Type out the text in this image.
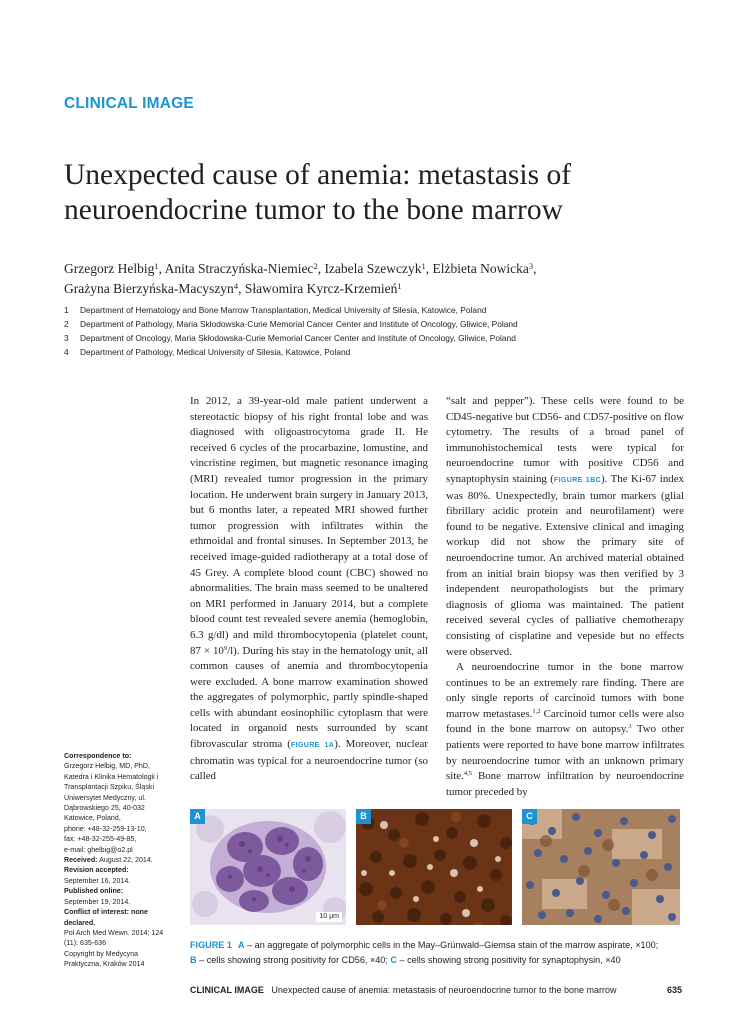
CLINICAL IMAGE
Unexpected cause of anemia: metastasis of neuroendocrine tumor to the bone marrow
Grzegorz Helbig$^1$, Anita Straczyńska-Niemiec$^2$, Izabela Szewczyk$^1$, Elżbieta Nowicka$^3$,
Grażyna Bierzyńska-Macyszyn$^4$, Sławomira Kyrcz-Krzemień$^1$
1	Department of Hematology and Bone Marrow Transplantation, Medical University of Silesia, Katowice, Poland
2	Department of Pathology, Maria Skłodowska-Curie Memorial Cancer Center and Institute of Oncology, Gliwice, Poland
3	Department of Oncology, Maria Skłodowska-Curie Memorial Cancer Center and Institute of Oncology, Gliwice, Poland
4	Department of Pathology, Medical University of Silesia, Katowice, Poland

In 2012, a 39-year-old male patient underwent a stereotactic biopsy of his right frontal lobe and was diagnosed with oligoastrocytoma grade II. He received 6 cycles of the procarbazine, lomustine, and vincristine regimen, but magnetic resonance imaging (MRI) revealed tumor progression in the primary location. He underwent brain surgery in January 2013, but 6 months later, a repeated MRI showed further tumor progression with infiltrates within the ethmoidal and frontal sinuses. In September 2013, he received image-guided radiotherapy at a total dose of 45 Grey. A complete blood count (CBC) showed no abnormalities. The brain mass seemed to be unaltered on MRI performed in January 2014, but a complete blood count test revealed severe anemia (hemoglobin, 6.3 g/dl) and mild thrombocytopenia (platelet count, $87 \times 10^9/l$). During his stay in the hematology unit, all common causes of anemia and thrombocytopenia were excluded. A bone marrow examination showed the aggregates of polymorphic, partly spindle-shaped cells with abundant eosinophilic cytoplasm that were located in organoid nests surrounded by scant fibrovascular stroma (FIGURE 1A). Moreover, nuclear chromatin was typical for a neuroendocrine tumor (so called

“salt and pepper”). These cells were found to be CD45-negative but CD56- and CD57-positive on flow cytometry. The results of a broad panel of immunohistochemical tests were typical for neuroendocrine tumor with positive CD56 and synaptophysin staining (FIGURE 1BC). The Ki-67 index was 80%. Unexpectedly, brain tumor markers (glial fibrillary acidic protein and neurofilament) were found to be negative. Extensive clinical and imaging workup did not show the primary site of neuroendocrine tumor. An archived material obtained from an initial brain biopsy was then verified by 3 independent neuropathologists but the primary diagnosis of glioma was maintained. The patient received several cycles of palliative chemotherapy consisting of cisplatine and vepeside but no effects were observed.

A neuroendocrine tumor in the bone marrow continues to be an extremely rare finding. There are only single reports of carcinoid tumors with bone marrow metastases.$^{1,2}$ Carcinoid tumor cells were also found in the bone marrow on autopsy.$^3$ Two other patients were reported to have bone marrow infiltrates by neuroendocrine tumor with an unknown primary site.$^{4,5}$ Bone marrow infiltration by neuroendocrine tumor preceded by

Correspondence to:
Grzegorz Helbig, MD, PhD, Katedra i Klinika Hematologii i Transplantacji Szpiku, Śląski Uniwersytet Medyczny, ul. Dąbrowskiego 25, 40-032 Katowice, Poland,
phone: +48-32-259-13-10,
fax: +48-32-255-49-85,
e-mail: ghelbig@o2.pl
Received: August 22, 2014.
Revision accepted:
September 16, 2014.
Published online:
September 19, 2014.
Conflict of interest: none declared.
Pol Arch Med Wewn. 2014; 124 (11): 635-636
Copyright by Medycyna Praktyczna, Kraków 2014
A
10 μm
B	C
FIGURE 1 A – an aggregate of polymorphic cells in the May–Grünwald–Giemsa stain of the marrow aspirate, ×100;
B – cells showing strong positivity for CD56, ×40; C – cells showing strong positivity for synaptophysin, ×40
CLINICAL IMAGE Unexpected cause of anemia: metastasis of neuroendocrine tumor to the bone marrow	635
